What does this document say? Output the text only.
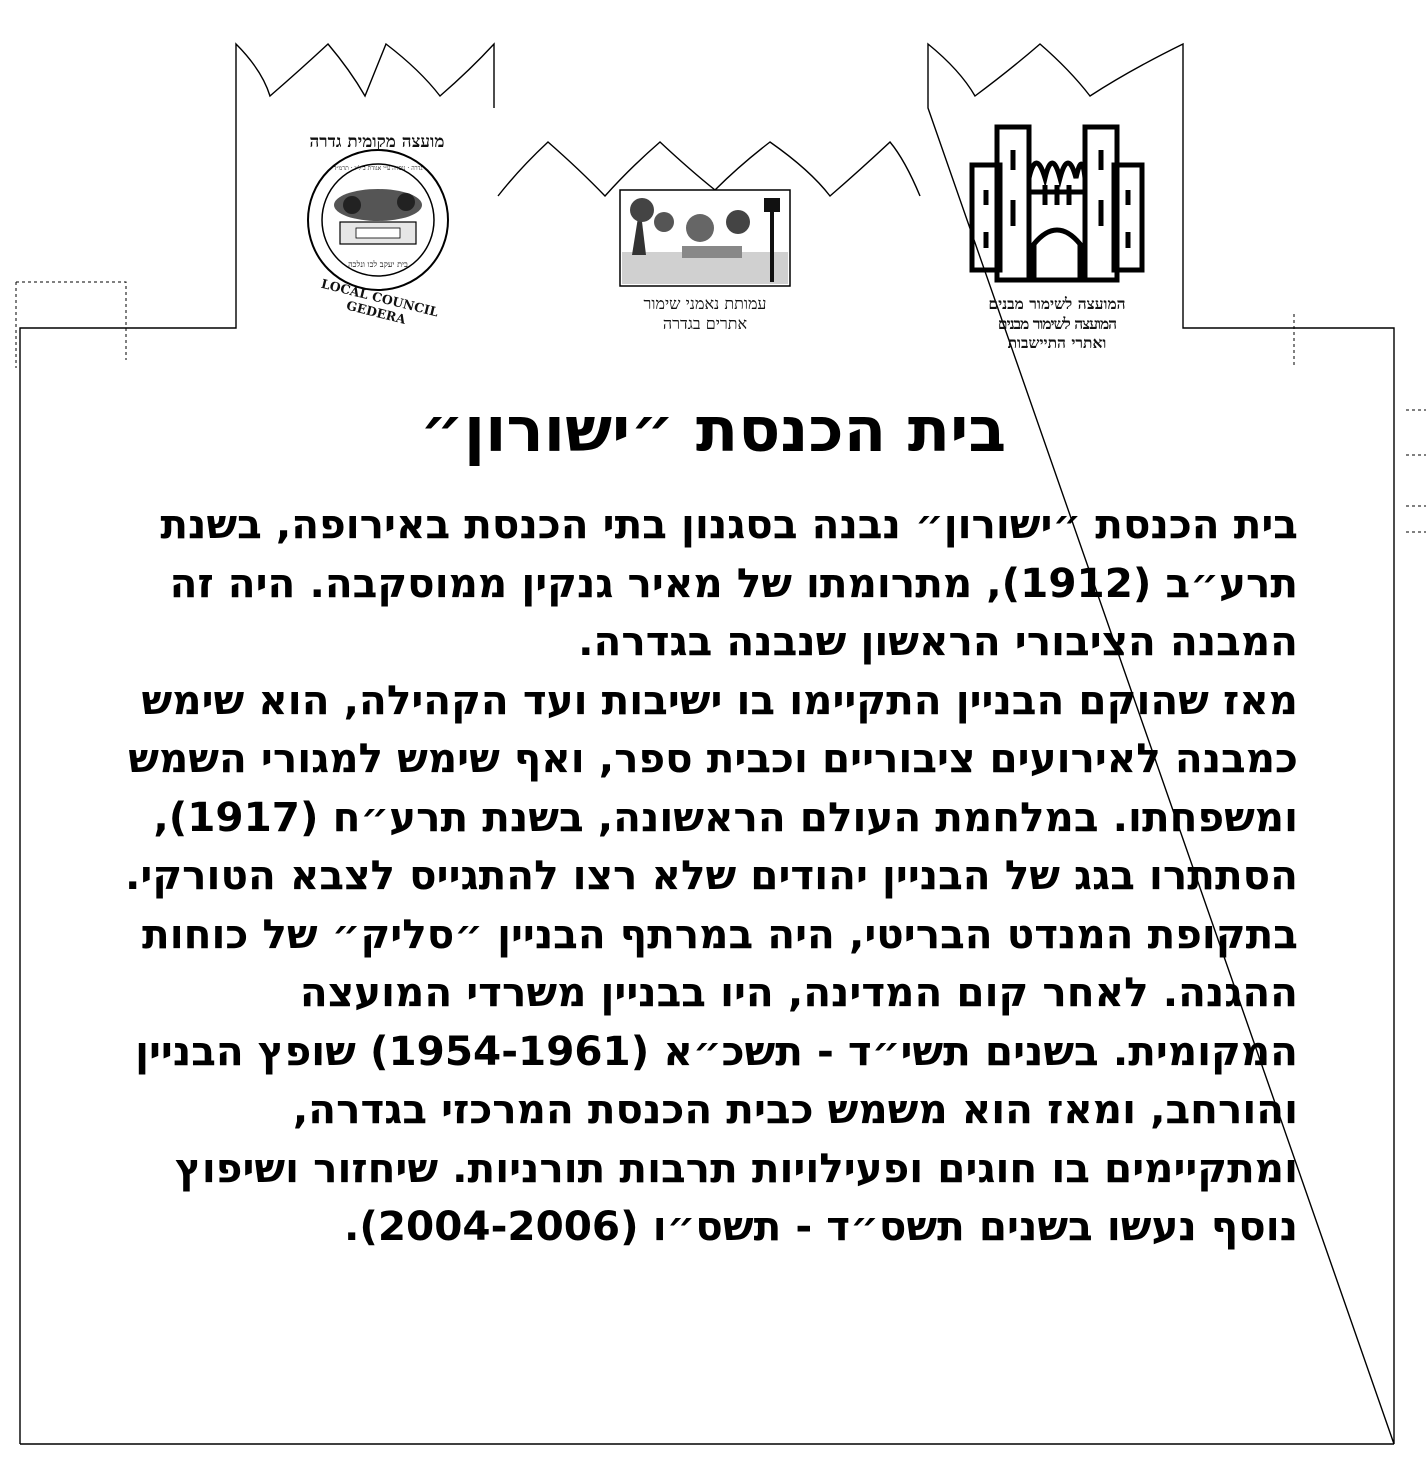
מועצה מקומית גדרה
גדרה · נוסדה ע״י אגודת ביל״ו · תרמ״ד
בית יעקב לכו ונלכה
LOCAL COUNCIL GEDERA	עמותת נאמני שימור
אתרים בגדרה
המועצה לשימור מבנים
המועצה לשימור מבנים
ואתרי התיישבות
בית הכנסת ״ישורון״

בית הכנסת ״ישורון״ נבנה בסגנון בתי הכנסת באירופה, בשנת תרע״ב (1912), מתרומתו של מאיר גנקין ממוסקבה. היה זה המבנה הציבורי הראשון שנבנה בגדרה.

מאז שהוקם הבניין התקיימו בו ישיבות ועד הקהילה, הוא שימש כמבנה לאירועים ציבוריים וכבית ספר, ואף שימש למגורי השמש ומשפחתו. במלחמת העולם הראשונה, בשנת תרע״ח (1917), הסתתרו בגג של הבניין יהודים שלא רצו להתגייס לצבא הטורקי. בתקופת המנדט הבריטי, היה במרתף הבניין ״סליק״ של כוחות ההגנה. לאחר קום המדינה, היו בבניין משרדי המועצה המקומית. בשנים תשי״ד - תשכ״א (1954-1961) שופץ הבניין והורחב, ומאז הוא משמש כבית הכנסת המרכזי בגדרה, ומתקיימים בו חוגים ופעילויות תרבות תורניות. שיחזור ושיפוץ נוסף נעשו בשנים תשס״ד - תשס״ו (2004-2006).
